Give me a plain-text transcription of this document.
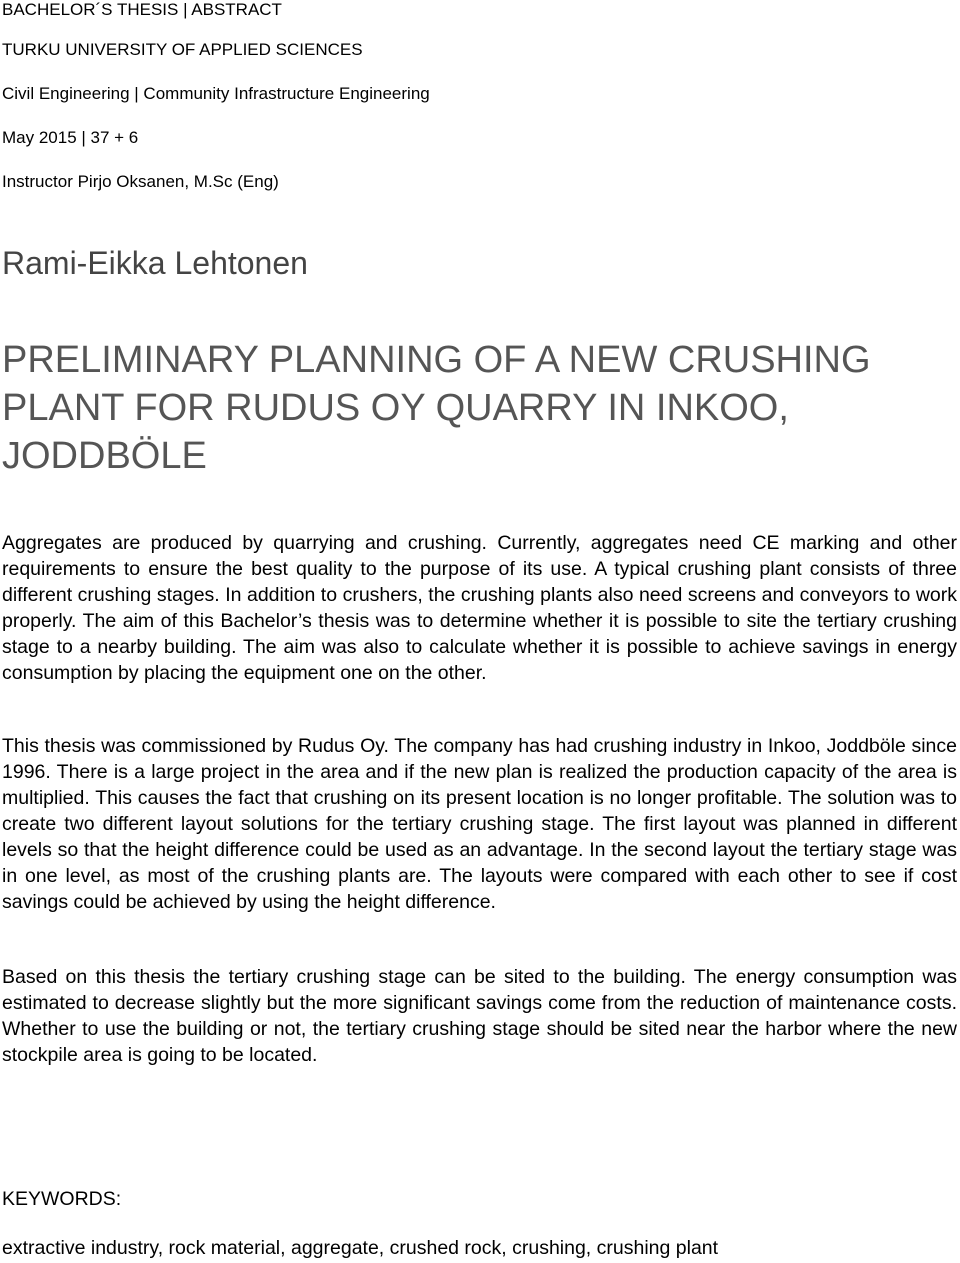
BACHELOR´S THESIS | ABSTRACT
TURKU UNIVERSITY OF APPLIED SCIENCES
Civil Engineering | Community Infrastructure Engineering
May 2015 | 37 + 6
Instructor Pirjo Oksanen, M.Sc (Eng)
Rami-Eikka Lehtonen
PRELIMINARY PLANNING OF A NEW CRUSHING
PLANT FOR RUDUS OY QUARRY IN INKOO,
JODDBÖLE

Aggregates are produced by quarrying and crushing. Currently, aggregates need CE marking and other requirements to ensure the best quality to the purpose of its use. A typical crushing plant consists of three different crushing stages. In addition to crushers, the crushing plants also need screens and conveyors to work properly. The aim of this Bachelor’s thesis was to determine whether it is possible to site the tertiary crushing stage to a nearby building. The aim was also to calculate whether it is possible to achieve savings in energy consumption by placing the equipment one on the other.

This thesis was commissioned by Rudus Oy. The company has had crushing industry in Inkoo, Joddböle since 1996. There is a large project in the area and if the new plan is realized the production capacity of the area is multiplied. This causes the fact that crushing on its present location is no longer profitable. The solution was to create two different layout solutions for the tertiary crushing stage. The first layout was planned in different levels so that the height difference could be used as an advantage. In the second layout the tertiary stage was in one level, as most of the crushing plants are. The layouts were compared with each other to see if cost savings could be achieved by using the height difference.

Based on this thesis the tertiary crushing stage can be sited to the building. The energy consumption was estimated to decrease slightly but the more significant savings come from the reduction of maintenance costs. Whether to use the building or not, the tertiary crushing stage should be sited near the harbor where the new stockpile area is going to be located.

KEYWORDS:
extractive industry, rock material, aggregate, crushed rock, crushing, crushing plant
